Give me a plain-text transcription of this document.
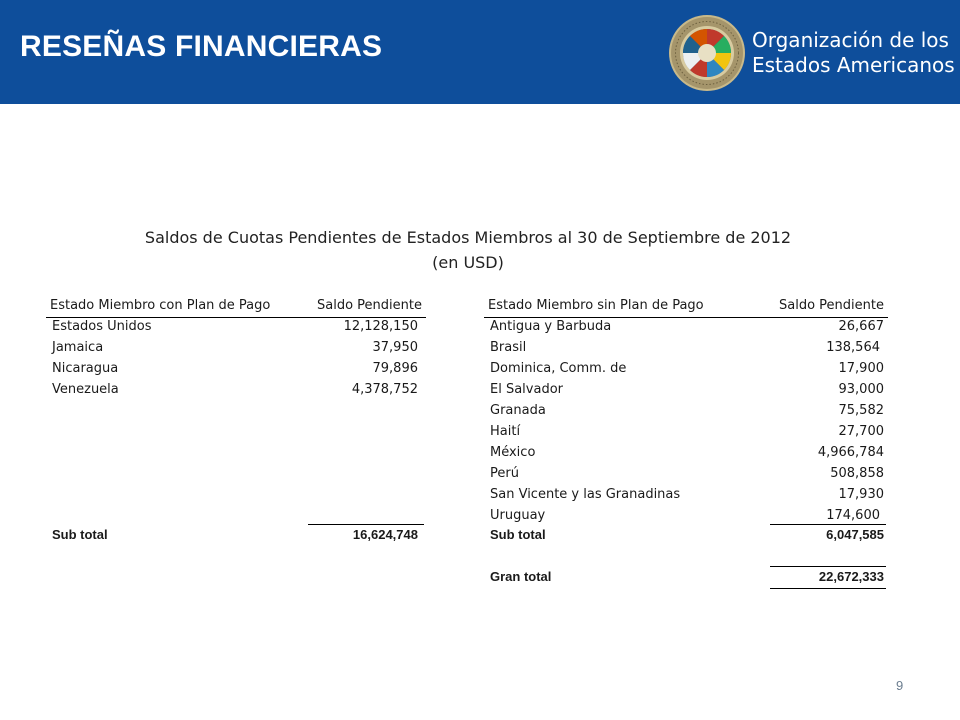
RESEÑAS FINANCIERAS	Organización de los
Estados Americanos
Saldos de Cuotas Pendientes de Estados Miembros al 30 de Septiembre de 2012
(en USD)
Estado Miembro con Plan de Pago	Saldo Pendiente
Estados Unidos	12,128,150
Jamaica	37,950
Nicaragua	79,896
Venezuela	4,378,752
Sub total	16,624,748
Estado Miembro sin Plan de Pago	Saldo Pendiente
Antigua y Barbuda	26,667
Brasil	138,564
Dominica, Comm. de	17,900
El Salvador	93,000
Granada	75,582
Haití	27,700
México	4,966,784
Perú	508,858
San Vicente y las Granadinas	17,930
Uruguay	174,600
Sub total	6,047,585
Gran total	22,672,333
9
